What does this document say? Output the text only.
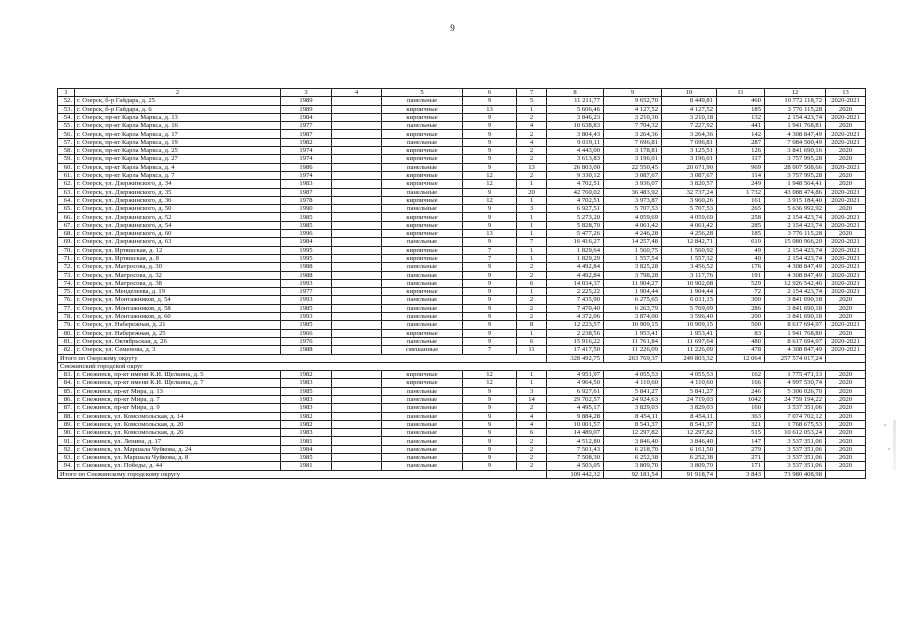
9
1	2	3	4	5	6	7	8	9	10	11	12	13
52.	г. Озерск, б-р Гайдара, д. 25	1989		панельные	9	5	11 211,77	9 652,70	8 449,81	460	10 772 118,72	2020-2021
53.	г. Озерск, б-р Гайдара, д. 6	1989		кирпичные	13	1	5 606,46	4 127,52	4 127,52	185	3 776 115,28	2020
54.	г. Озерск, пр-кт Карла Маркса, д. 13	1984		кирпичные	9	2	3 846,23	3 210,30	3 210,18	132	2 154 423,74	2020-2021
55.	г. Озерск, пр-кт Карла Маркса, д. 16	1977		панельные	9	4	10 638,83	7 704,32	7 227,92	441	1 941 768,81	2020
56.	г. Озерск, пр-кт Карла Маркса, д. 17	1987		кирпичные	9	2	3 804,43	3 264,36	3 264,36	142	4 308 847,49	2020-2021
57.	г. Озерск, пр-кт Карла Маркса, д. 19	1982		панельные	9	4	9 019,11	7 696,81	7 696,81	287	7 084 500,49	2020-2021
58.	г. Озерск, пр-кт Карла Маркса, д. 25	1974		кирпичные	9	2	4 443,00	3 178,81	3 125,51	126	3 841 690,16	2020
59.	г. Озерск, пр-кт Карла Маркса, д. 27	1974		кирпичные	9	2	3 613,83	3 196,01	3 196,01	117	3 757 995,28	2020
60.	г. Озерск, пр-кт Карла Маркса, д. 4	1986		панельные	9	13	26 803,00	22 550,45	20 671,90	969	28 007 508,66	2020-2021
61.	г. Озерск, пр-кт Карла Маркса, д. 7	1974		кирпичные	12	2	9 330,12	3 087,67	3 087,67	114	3 757 995,28	2020
62.	г. Озерск, ул. Дзержинского, д. 34	1983		кирпичные	12	1	4 702,51	3 936,07	3 820,57	249	1 948 564,41	2020
63.	г. Озерск, ул. Дзержинского, д. 35	1987		панельные	9	20	42 760,02	36 483,92	32 737,24	1 732	43 088 474,86	2020-2021
64.	г. Озерск, ул. Дзержинского, д. 36	1978		кирпичные	12	1	4 702,51	3 973,87	3 960,26	161	3 915 184,40	2020-2021
65.	г. Озерск, ул. Дзержинского, д. 50	1990		панельные	9	3	6 927,51	5 707,53	5 707,53	265	5 636 992,92	2020
66.	г. Озерск, ул. Дзержинского, д. 52	1985		кирпичные	9	1	5 273,20	4 059,69	4 059,69	258	2 154 423,74	2020-2021
67.	г. Озерск, ул. Дзержинского, д. 54	1985		кирпичные	9	1	5 828,70	4 061,42	4 061,42	285	2 154 423,74	2020-2021
68.	г. Озерск, ул. Дзержинского, д. 60	1996		кирпичные	13	1	5 477,26	4 246,28	4 256,28	185	3 776 115,28	2020
69.	г. Озерск, ул. Дзержинского, д. 63	1984		панельные	9	7	16 416,27	14 257,48	12 842,71	619	15 080 966,20	2020-2021
70.	г. Озерск, ул. Иртяшская, д. 12	1995		кирпичные	7	1	1 829,64	1 560,75	1 560,92	49	2 154 423,74	2020-2021
71.	г. Озерск, ул. Иртяшская, д. 8	1995		кирпичные	7	1	1 829,29	1 557,54	1 557,32	40	2 154 423,74	2020-2021
72.	г. Озерск, ул. Матросова, д. 30	1988		панельные	9	2	4 492,84	3 825,28	3 456,52	176	4 308 847,49	2020-2021
73.	г. Озерск, ул. Матросова, д. 32	1988		панельные	9	2	4 492,84	3 798,28	3 117,76	191	4 308 847,49	2020-2021
74.	г. Озерск, ул. Матросова, д. 38	1993		панельные	9	6	14 034,37	11 904,27	10 902,08	529	12 926 542,46	2020-2021
75.	г. Озерск, ул. Менделеева, д. 19	1977		кирпичные	9	1	2 225,22	1 904,44	1 904,44	72	2 154 423,74	2020-2021
76.	г. Озерск, ул. Монтажников, д. 54	1993		панельные	9	2	7 435,90	6 275,65	6 011,15	300	3 841 690,18	2020
77.	г. Озерск, ул. Монтажников, д. 58	1985		панельные	9	2	7 470,40	6 263,79	5 769,09	286	3 841 690,18	2020
78.	г. Озерск, ул. Монтажников, д. 60	1993		панельные	9	2	4 372,06	3 874,00	3 596,40	200	3 841 690,18	2020
79.	г. Озерск, ул. Набережная, д. 21	1985		панельные	9	8	12 223,57	10 909,15	10 909,15	500	8 617 694,97	2020-2021
80.	г. Озерск, ул. Набережная, д. 25	1966		кирпичные	9	1	2 238,56	1 953,41	1 953,41	83	1 941 768,80	2020
81.	г. Озерск, ул. Октябрьская, д. 26	1976		панельные	9	6	15 916,22	11 761,84	11 697,64	480	8 617 694,97	2020-2021
82.	г. Озерск, ул. Семенова, д. 3	1988		смешанные	7	11	17 417,50	11 226,09	11 226,09	478	4 308 847,49	2020-2021
Итого по Озерскому округу							328 492,75	263 769,37	249 803,32	12 064	257 574 017,24	
Снежинский городской округ												
83.	г. Снежинск, пр-кт имени К.И. Щелкина, д. 5	1982		кирпичные	12	1	4 951,97	4 055,53	4 055,53	162	1 775 471,13	2020
84.	г. Снежинск, пр-кт имени К.И. Щелкина, д. 7	1983		кирпичные	12	1	4 964,50	4 110,60	4 110,60	166	4 997 530,74	2020
85.	г. Снежинск, пр-кт Мира, д. 13	1985		панельные	9	3	6 927,61	5 841,27	5 841,27	246	5 306 026,70	2020
86.	г. Снежинск, пр-кт Мира, д. 7	1983		панельные	9	14	29 702,57	24 924,63	24 719,03	1042	24 759 194,22	2020
87.	г. Снежинск, пр-кт Мира, д. 9	1983		панельные	9	2	4 495,17	3 829,03	3 829,03	160	3 537 351,06	2020
88.	г. Снежинск, ул. Комсомольская, д. 14	1982		панельные	9	4	9 884,28	8 454,11	8 454,11	363	7 074 702,12	2020
89.	г. Снежинск, ул. Комсомольская, д. 20	1982		панельные	9	4	10 001,57	8 541,37	8 541,37	321	1 768 675,53	2020
90.	г. Снежинск, ул. Комсомольская, д. 26	1983		панельные	9	6	14 489,07	12 297,82	12 297,82	515	10 612 053,24	2020
91.	г. Снежинск, ул. Ленина, д. 17	1981		панельные	9	2	4 512,80	3 846,40	3 846,40	147	3 537 351,06	2020
92.	г. Снежинск, ул. Маршала Чуйкова, д. 24	1984		панельные	9	2	7 501,43	6 218,70	6 161,50	279	3 537 351,06	2020
93.	г. Снежинск, ул. Маршала Чуйкова, д. 8	1985		панельные	9	2	7 508,30	6 252,38	6 252,38	271	3 537 351,06	2020
94.	г. Снежинск, ул. Победы, д. 44	1981		панельные	9	2	4 503,05	3 809,70	3 809,70	171	3 537 351,06	2020
Итого по Снежинскому городскому округу							109 442,32	92 181,54	91 918,74	3 843	73 980 408,98	
